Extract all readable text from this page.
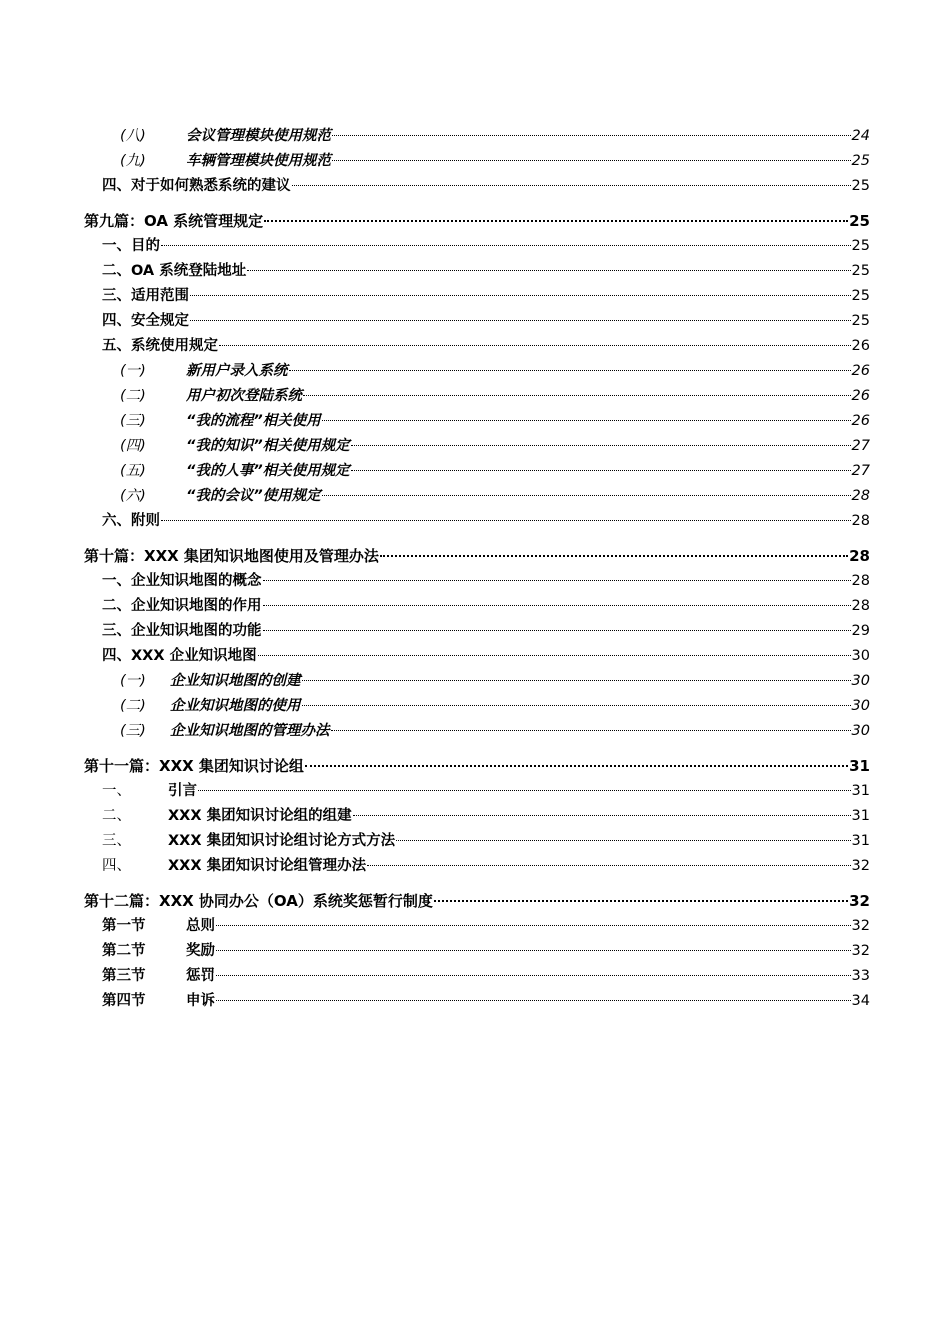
(八)	会议管理模块使用规范	24
(九)	车辆管理模块使用规范	25
四、对于如何熟悉系统的建议	25
第九篇：OA 系统管理规定	25
一、目的	25
二、OA 系统登陆地址	25
三、适用范围	25
四、安全规定	25
五、系统使用规定	26
(一)	新用户录入系统	26
(二)	用户初次登陆系统	26
(三)	“我的流程”相关使用	26
(四)	“我的知识”相关使用规定	27
(五)	“我的人事”相关使用规定	27
(六)	“我的会议”使用规定	28
六、附则	28
第十篇：XXX 集团知识地图使用及管理办法	28
一、企业知识地图的概念	28
二、企业知识地图的作用	28
三、企业知识地图的功能	29
四、XXX 企业知识地图	30
(一)	企业知识地图的创建	30
(二)	企业知识地图的使用	30
(三)	企业知识地图的管理办法	30
第十一篇：XXX 集团知识讨论组	31
一、	引言	31
二、	XXX 集团知识讨论组的组建	31
三、	XXX 集团知识讨论组讨论方式方法	31
四、	XXX 集团知识讨论组管理办法	32
第十二篇：XXX 协同办公（OA）系统奖惩暂行制度	32
第一节	总则	32
第二节	奖励	32
第三节	惩罚	33
第四节	申诉	34
